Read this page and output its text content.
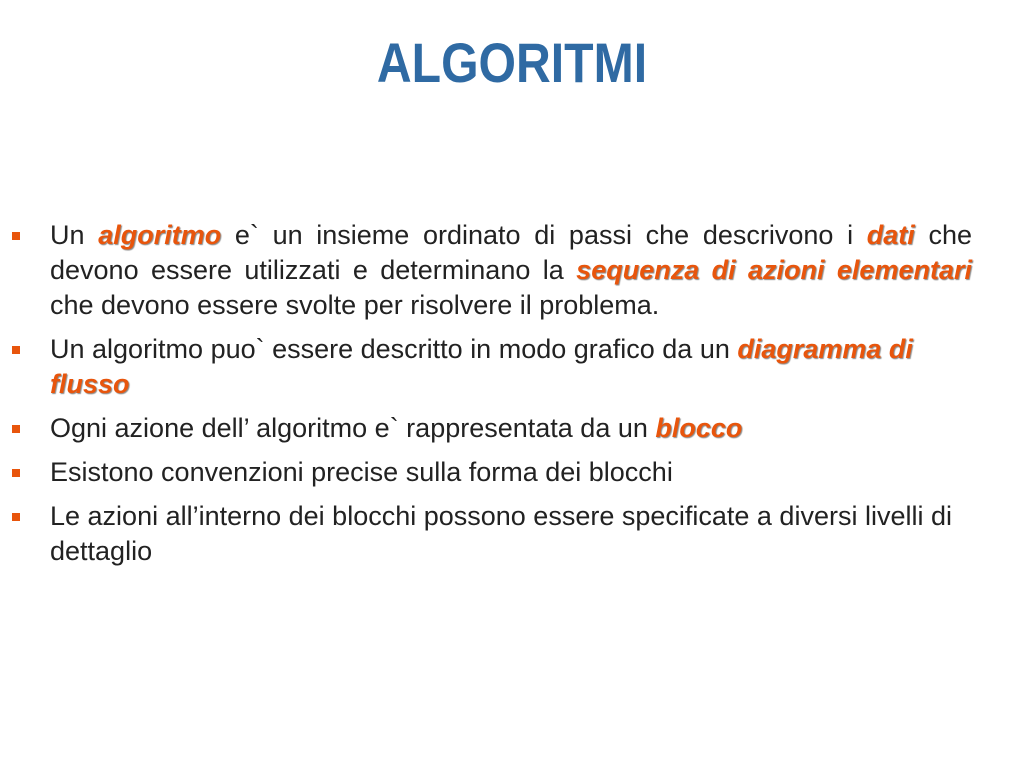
ALGORITMI
Un algoritmo e` un insieme ordinato di passi che descrivono i dati che devono essere utilizzati e determinano la sequenza di azioni elementari che devono essere svolte per risolvere il problema.
Un algoritmo puo` essere descritto in modo grafico da un diagramma di flusso
Ogni azione dell’ algoritmo e` rappresentata da un blocco
Esistono convenzioni precise sulla forma dei blocchi
Le azioni all’interno dei blocchi possono essere specificate a diversi livelli di dettaglio
